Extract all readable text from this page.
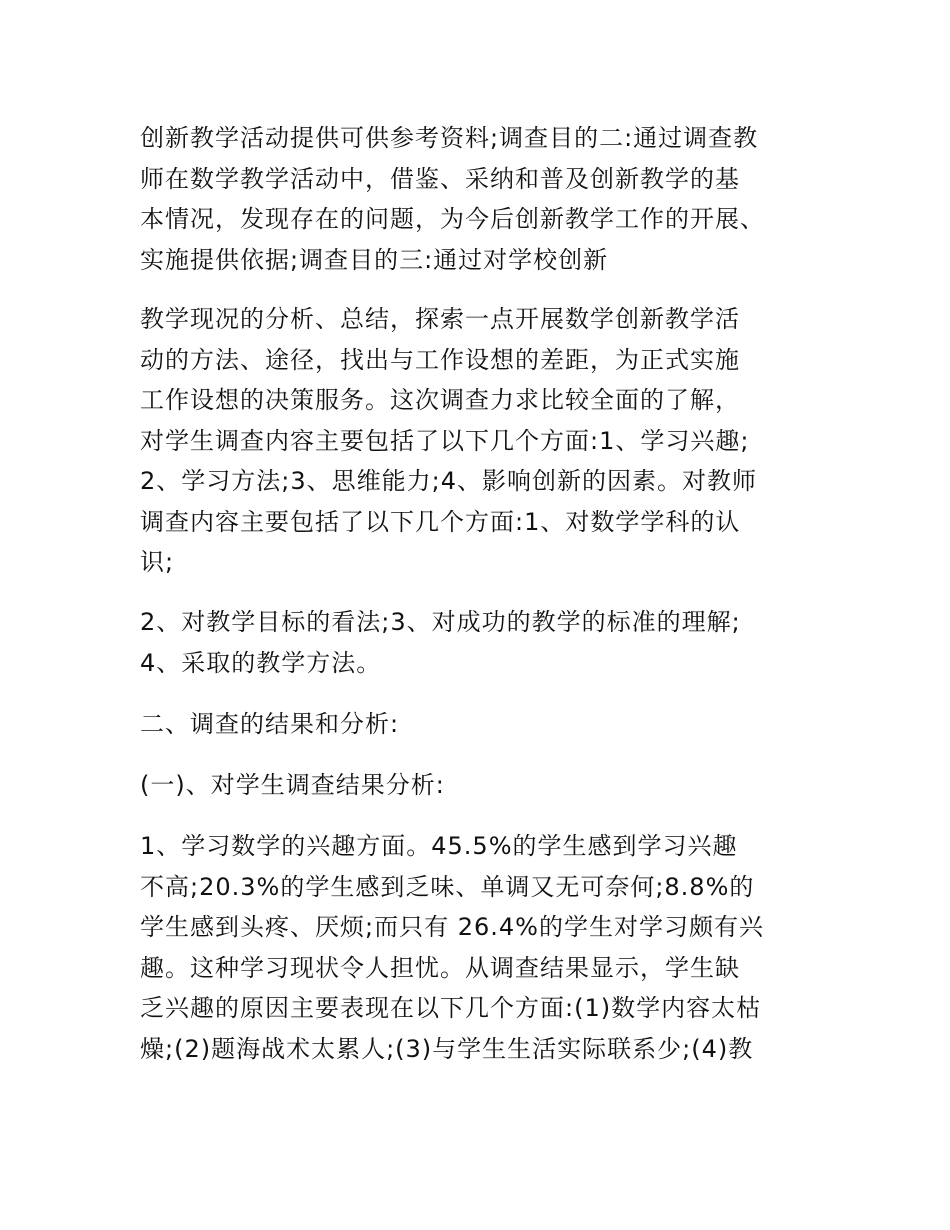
创新教学活动提供可供参考资料;调查目的二:通过调查教
师在数学教学活动中，借鉴、采纳和普及创新教学的基
本情况，发现存在的问题，为今后创新教学工作的开展、
实施提供依据;调查目的三:通过对学校创新
教学现况的分析、总结，探索一点开展数学创新教学活
动的方法、途径，找出与工作设想的差距，为正式实施
工作设想的决策服务。这次调查力求比较全面的了解，
对学生调查内容主要包括了以下几个方面:1、学习兴趣;
2、学习方法;3、思维能力;4、影响创新的因素。对教师
调查内容主要包括了以下几个方面:1、对数学学科的认
识;
2、对教学目标的看法;3、对成功的教学的标准的理解;
4、采取的教学方法。
二、调查的结果和分析:
(一)、对学生调查结果分析:
1、学习数学的兴趣方面。45.5%的学生感到学习兴趣
不高;20.3%的学生感到乏味、单调又无可奈何;8.8%的
学生感到头疼、厌烦;而只有 26.4%的学生对学习颇有兴
趣。这种学习现状令人担忧。从调查结果显示，学生缺
乏兴趣的原因主要表现在以下几个方面:(1)数学内容太枯
燥;(2)题海战术太累人;(3)与学生生活实际联系少;(4)教
